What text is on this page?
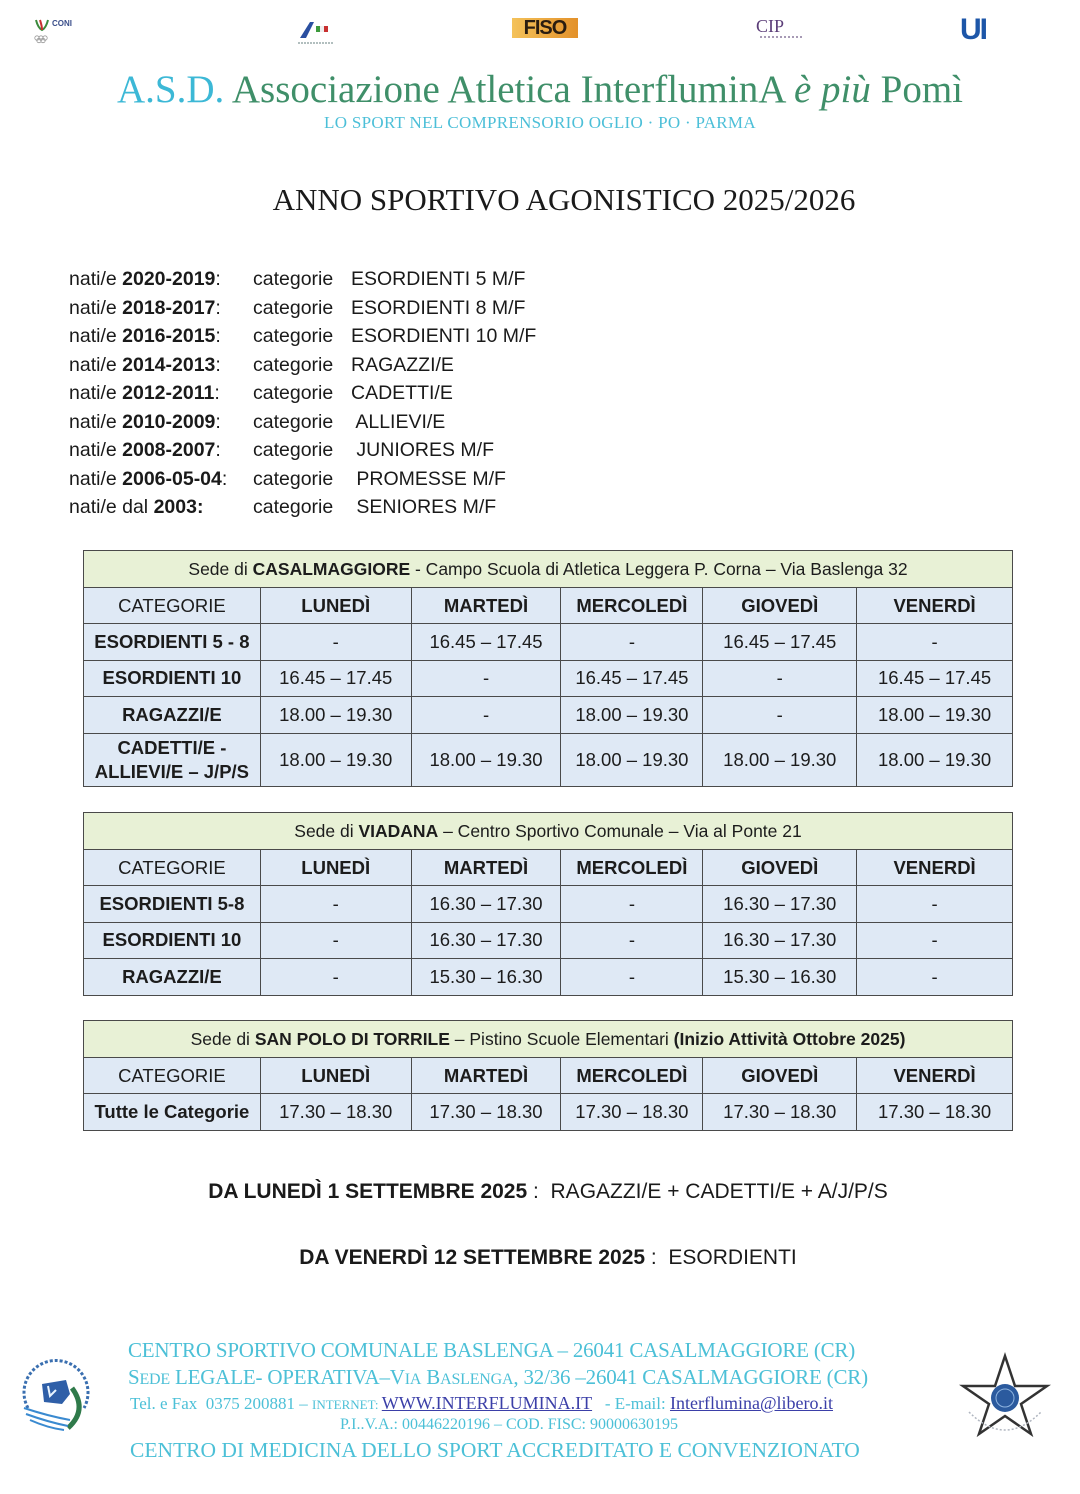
CONI	FISO	CIP	UI
A.S.D. Associazione Atletica InterfluminA è più Pomì
LO SPORT NEL COMPRENSORIO OGLIO · PO · PARMA
ANNO SPORTIVO AGONISTICO 2025/2026
nati/e 2020-2019: categorie ESORDIENTI 5 M/F
nati/e 2018-2017: categorie ESORDIENTI 8 M/F
nati/e 2016-2015: categorie ESORDIENTI 10 M/F
nati/e 2014-2013: categorie RAGAZZI/E
nati/e 2012-2011: categorie CADETTI/E
nati/e 2010-2009: categorie ALLIEVI/E
nati/e 2008-2007: categorie JUNIORES M/F
nati/e 2006-05-04: categorie PROMESSE M/F
nati/e dal 2003:	categorie SENIORES M/F
Sede di CASALMAGGIORE - Campo Scuola di Atletica Leggera P. Corna – Via Baslenga 32					
CATEGORIE	LUNEDÌ	MARTEDÌ	MERCOLEDÌ	GIOVEDÌ	VENERDÌ
ESORDIENTI 5 - 8	-	16.45 – 17.45	-	16.45 – 17.45	-
ESORDIENTI 10	16.45 – 17.45	-	16.45 – 17.45	-	16.45 – 17.45
RAGAZZI/E	18.00 – 19.30	-	18.00 – 19.30	-	18.00 – 19.30

CADETTI/E -
ALLIEVI/E – J/P/S	18.00 – 19.30	18.00 – 19.30	18.00 – 19.30	18.00 – 19.30	18.00 – 19.30
Sede di VIADANA – Centro Sportivo Comunale – Via al Ponte 21					
CATEGORIE	LUNEDÌ	MARTEDÌ	MERCOLEDÌ	GIOVEDÌ	VENERDÌ
ESORDIENTI 5-8	-	16.30 – 17.30	-	16.30 – 17.30	-
ESORDIENTI 10	-	16.30 – 17.30	-	16.30 – 17.30	-
RAGAZZI/E	-	15.30 – 16.30	-	15.30 – 16.30	-
Sede di SAN POLO DI TORRILE – Pistino Scuole Elementari (Inizio Attività Ottobre 2025)					
CATEGORIE	LUNEDÌ	MARTEDÌ	MERCOLEDÌ	GIOVEDÌ	VENERDÌ
Tutte le Categorie	17.30 – 18.30	17.30 – 18.30	17.30 – 18.30	17.30 – 18.30	17.30 – 18.30
DA LUNEDÌ 1 SETTEMBRE 2025 :  RAGAZZI/E + CADETTI/E + A/J/P/S
DA VENERDÌ 12 SETTEMBRE 2025 :  ESORDIENTI
CENTRO SPORTIVO COMUNALE BASLENGA – 26041 CASALMAGGIORE (CR)
SEDE LEGALE- OPERATIVA–VIA BASLENGA, 32/36 –26041 CASALMAGGIORE (CR)
Tel. e Fax  0375 200881 – INTERNET: WWW.INTERFLUMINA.IT   - E-mail: Interflumina@libero.it
P.I..V.A.: 00446220196 – COD. FISC: 90000630195
CENTRO DI MEDICINA DELLO SPORT ACCREDITATO E CONVENZIONATO
